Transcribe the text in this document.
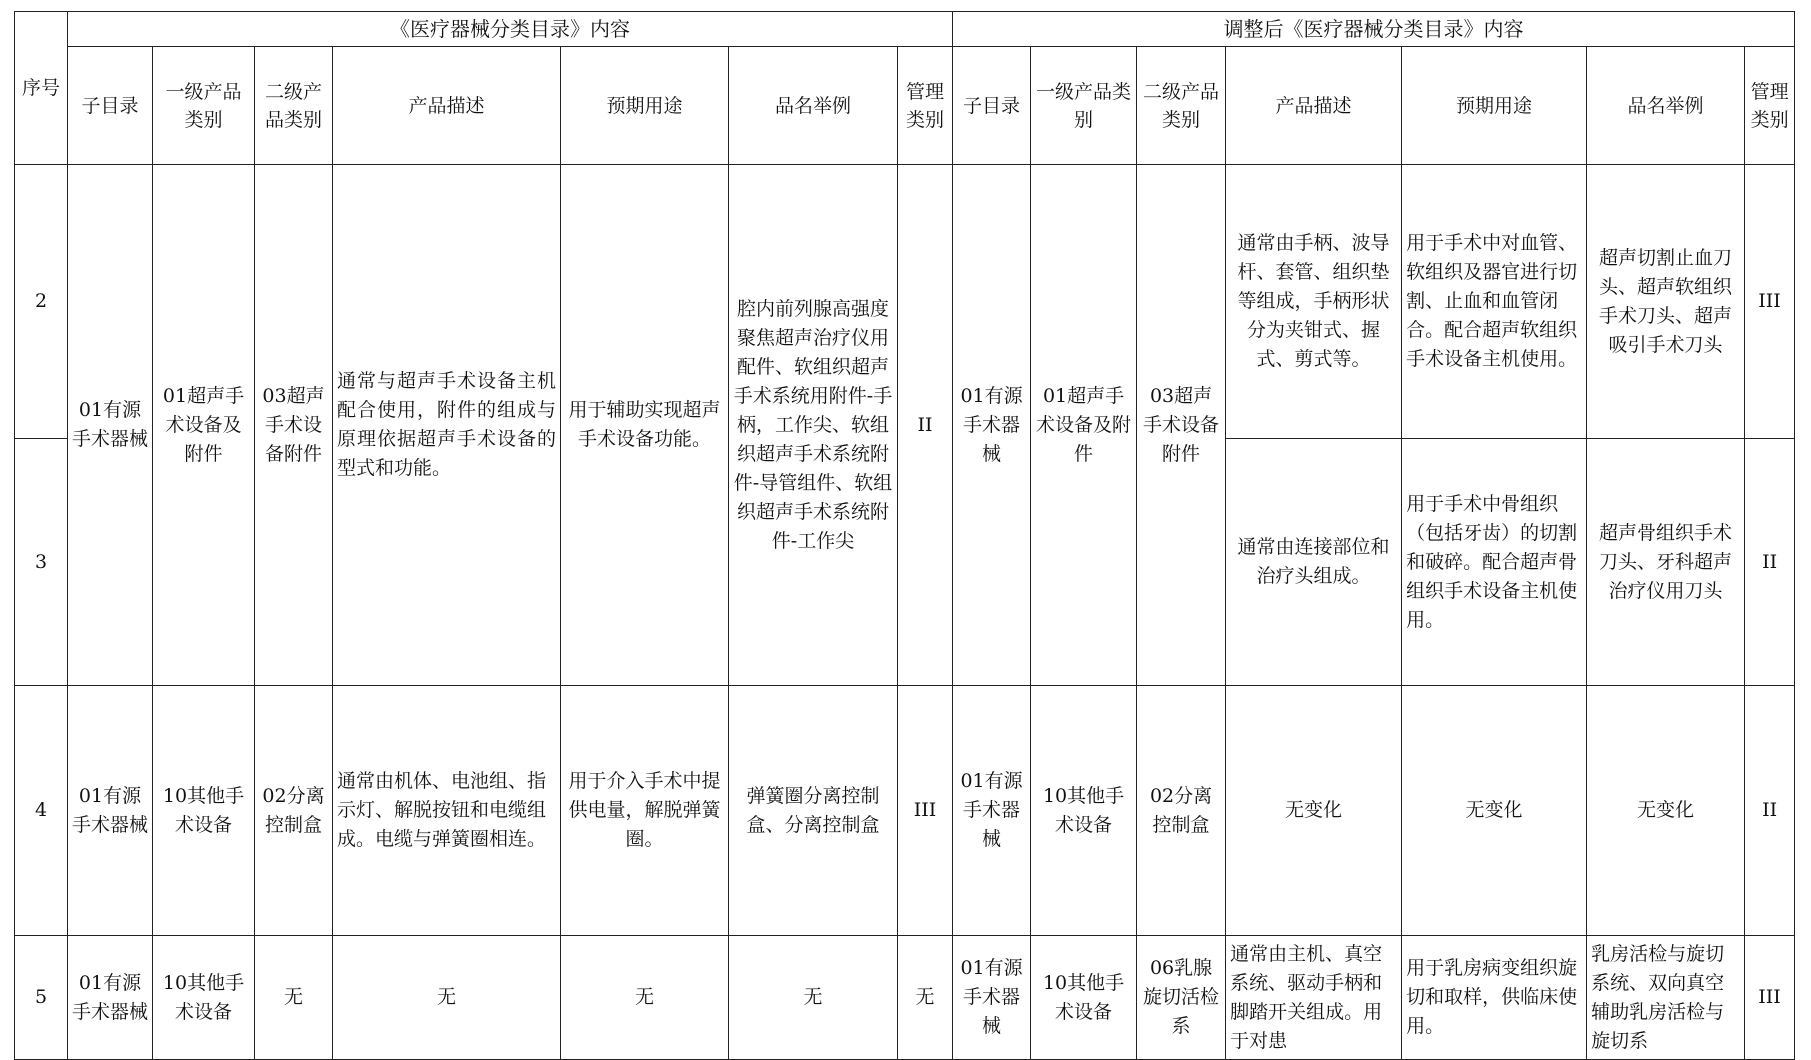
序号	《医疗器械分类目录》内容							调整后《医疗器械分类目录》内容						
	子目录	一级产品类别	二级产品类别	产品描述	预期用途	品名举例	管理类别	子目录	一级产品类别	二级产品类别	产品描述	预期用途	品名举例	管理类别
2	01有源手术器械	01超声手术设备及附件	03超声手术设备附件	通常与超声手术设备主机配合使用，附件的组成与原理依据超声手术设备的型式和功能。	用于辅助实现超声手术设备功能。	腔内前列腺高强度聚焦超声治疗仪用配件、软组织超声手术系统用附件-手柄，工作尖、软组织超声手术系统附件-导管组件、软组织超声手术系统附件-工作尖	II	01有源手术器械	01超声手术设备及附件	03超声手术设备附件	通常由手柄、波导杆、套管、组织垫等组成，手柄形状分为夹钳式、握式、剪式等。	用于手术中对血管、软组织及器官进行切割、止血和血管闭合。配合超声软组织手术设备主机使用。	超声切割止血刀头、超声软组织手术刀头、超声吸引手术刀头	III
3											通常由连接部位和治疗头组成。	用于手术中骨组织（包括牙齿）的切割和破碎。配合超声骨组织手术设备主机使用。	超声骨组织手术刀头、牙科超声治疗仪用刀头	II
4	01有源手术器械	10其他手术设备	02分离控制盒	通常由机体、电池组、指示灯、解脱按钮和电缆组成。电缆与弹簧圈相连。	用于介入手术中提供电量，解脱弹簧圈。	弹簧圈分离控制盒、分离控制盒	III	01有源手术器械	10其他手术设备	02分离控制盒	无变化	无变化	无变化	II
5	01有源手术器械	10其他手术设备	无	无	无	无	无	01有源手术器械	10其他手术设备	06乳腺旋切活检系	通常由主机、真空系统、驱动手柄和脚踏开关组成。用于对患	用于乳房病变组织旋切和取样，供临床使用。	乳房活检与旋切系统、双向真空辅助乳房活检与旋切系	III
